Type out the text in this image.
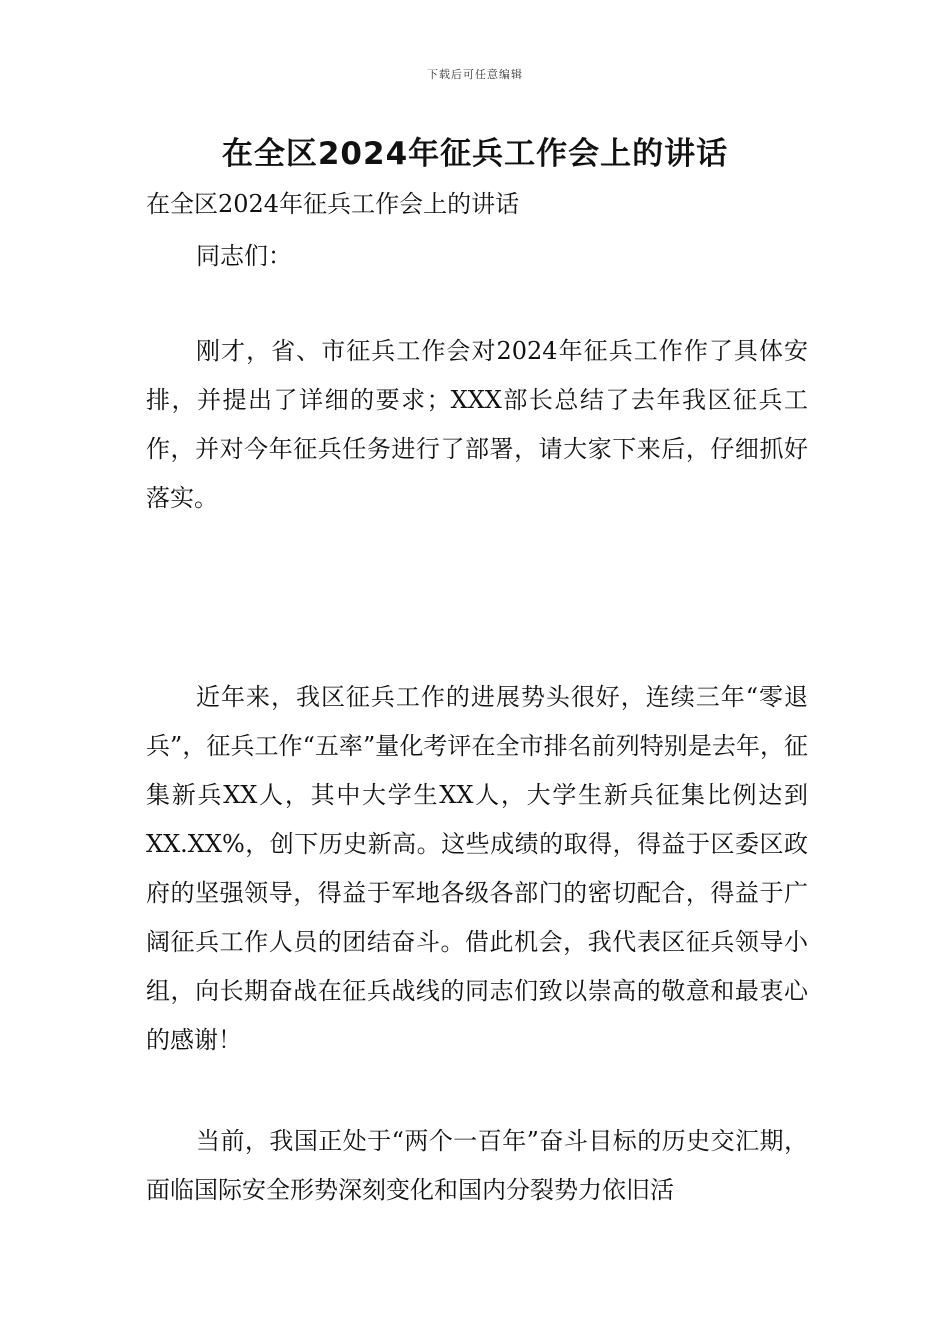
下载后可任意编辑
在全区2024年征兵工作会上的讲话
在全区2024年征兵工作会上的讲话

同志们：

刚才，省、市征兵工作会对2024年征兵工作作了具体安排，并提出了详细的要求；XXX部长总结了去年我区征兵工作，并对今年征兵任务进行了部署，请大家下来后，仔细抓好落实。

近年来，我区征兵工作的进展势头很好，连续三年“零退兵”，征兵工作“五率”量化考评在全市排名前列特别是去年，征集新兵XX人，其中大学生XX人，大学生新兵征集比例达到XX.XX%，创下历史新高。这些成绩的取得，得益于区委区政府的坚强领导，得益于军地各级各部门的密切配合，得益于广阔征兵工作人员的团结奋斗。借此机会，我代表区征兵领导小组，向长期奋战在征兵战线的同志们致以崇高的敬意和最衷心的感谢！

当前，我国正处于“两个一百年”奋斗目标的历史交汇期，面临国际安全形势深刻变化和国内分裂势力依旧活
